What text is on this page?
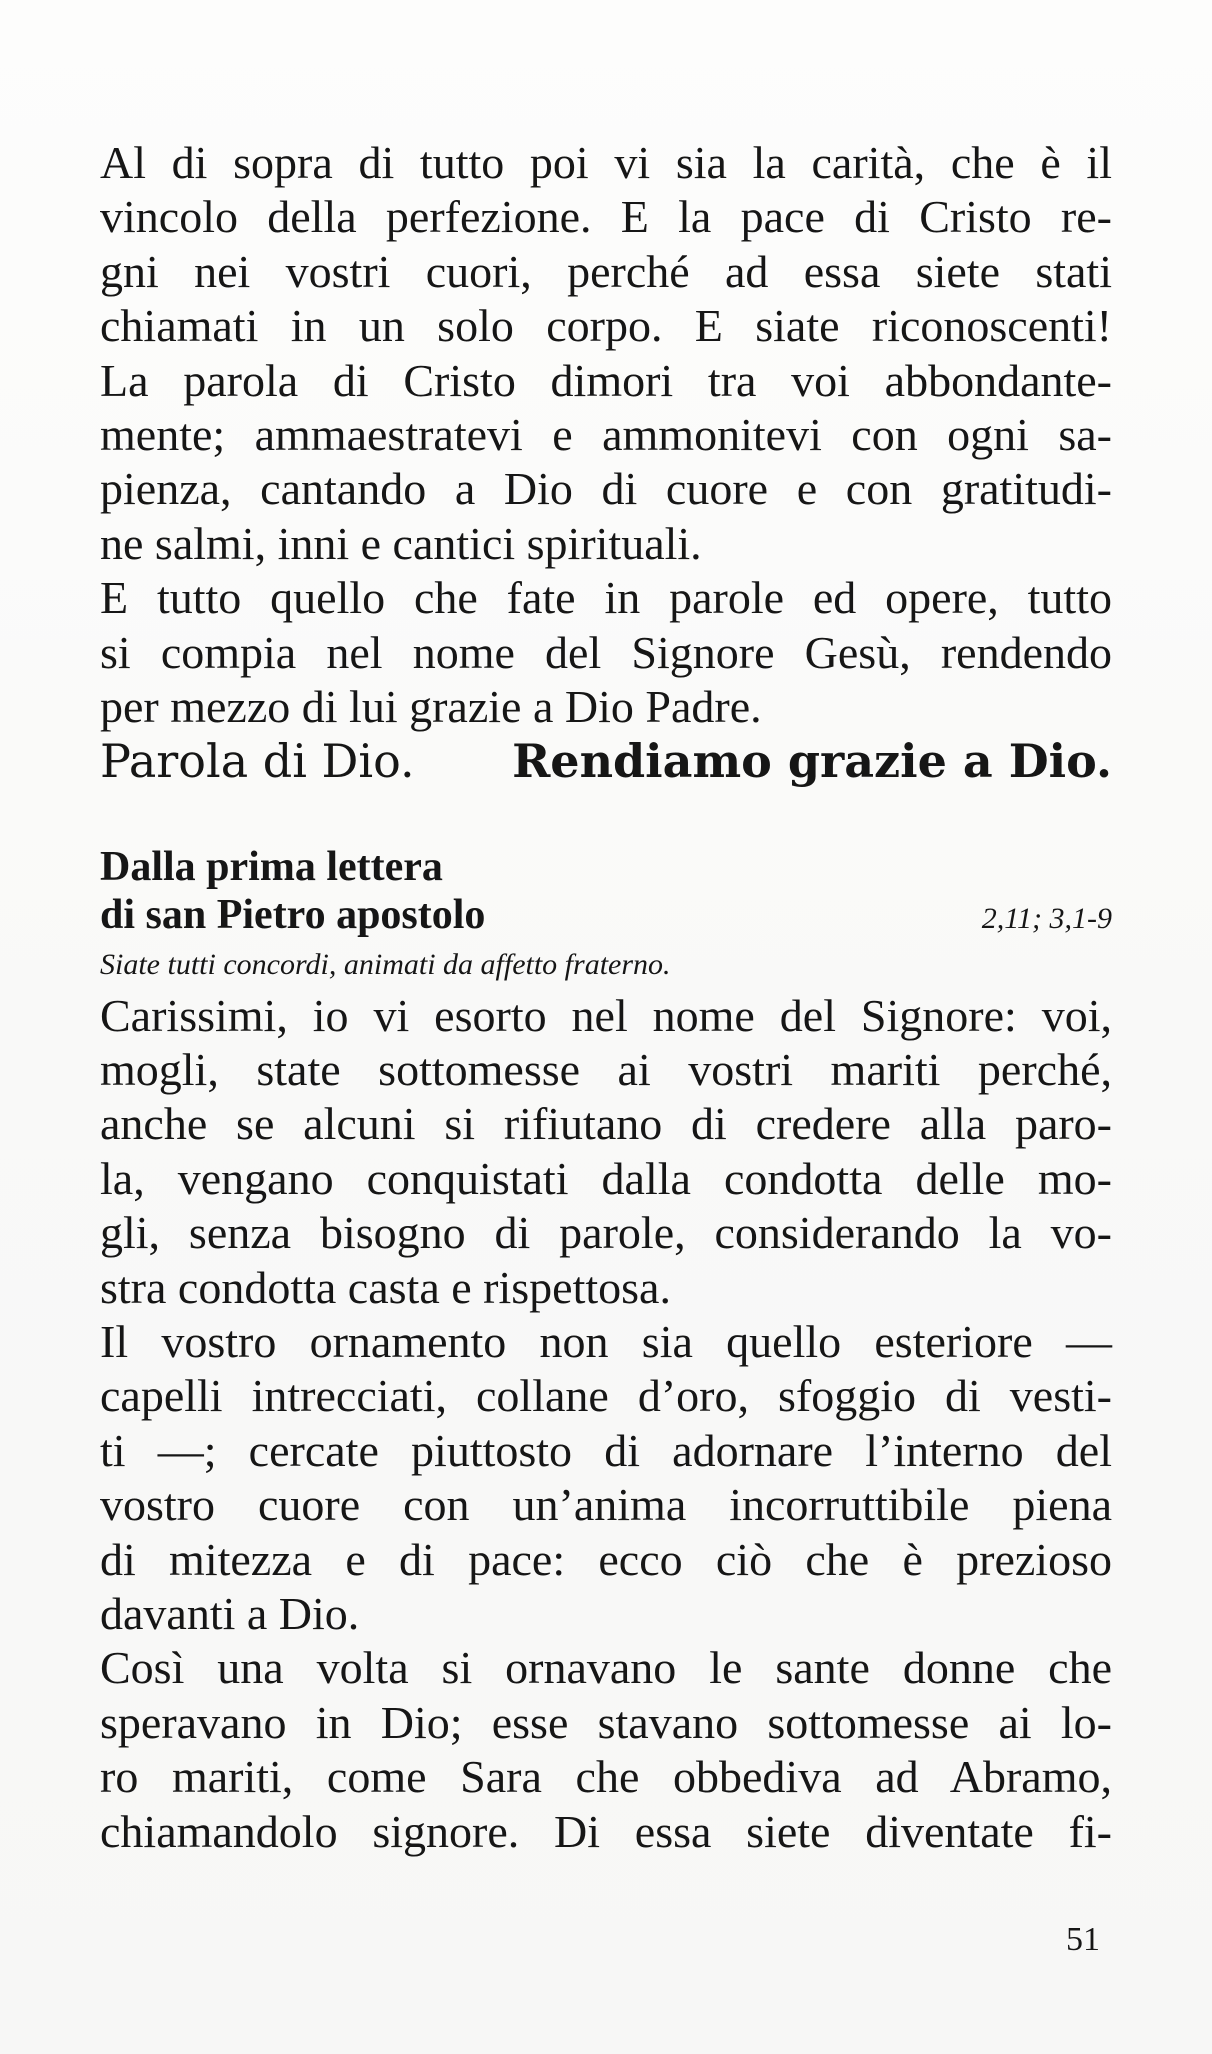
Al di sopra di tutto poi vi sia la carità, che è il
vincolo della perfezione. E la pace di Cristo re-
gni nei vostri cuori, perché ad essa siete stati
chiamati in un solo corpo. E siate riconoscenti!
La parola di Cristo dimori tra voi abbondante-
mente; ammaestratevi e ammonitevi con ogni sa-
pienza, cantando a Dio di cuore e con gratitudi-
ne salmi, inni e cantici spirituali.
E tutto quello che fate in parole ed opere, tutto
si compia nel nome del Signore Gesù, rendendo
per mezzo di lui grazie a Dio Padre.
Parola di Dio. Rendiamo grazie a Dio.
Dalla prima lettera
di san Pietro apostolo	2,11; 3,1-9
Siate tutti concordi, animati da affetto fraterno.
Carissimi, io vi esorto nel nome del Signore: voi,
mogli, state sottomesse ai vostri mariti perché,
anche se alcuni si rifiutano di credere alla paro-
la, vengano conquistati dalla condotta delle mo-
gli, senza bisogno di parole, considerando la vo-
stra condotta casta e rispettosa.
Il vostro ornamento non sia quello esteriore —
capelli intrecciati, collane d’oro, sfoggio di vesti-
ti —; cercate piuttosto di adornare l’interno del
vostro cuore con un’anima incorruttibile piena
di mitezza e di pace: ecco ciò che è prezioso
davanti a Dio.
Così una volta si ornavano le sante donne che
speravano in Dio; esse stavano sottomesse ai lo-
ro mariti, come Sara che obbediva ad Abramo,
chiamandolo signore. Di essa siete diventate fi-
51
